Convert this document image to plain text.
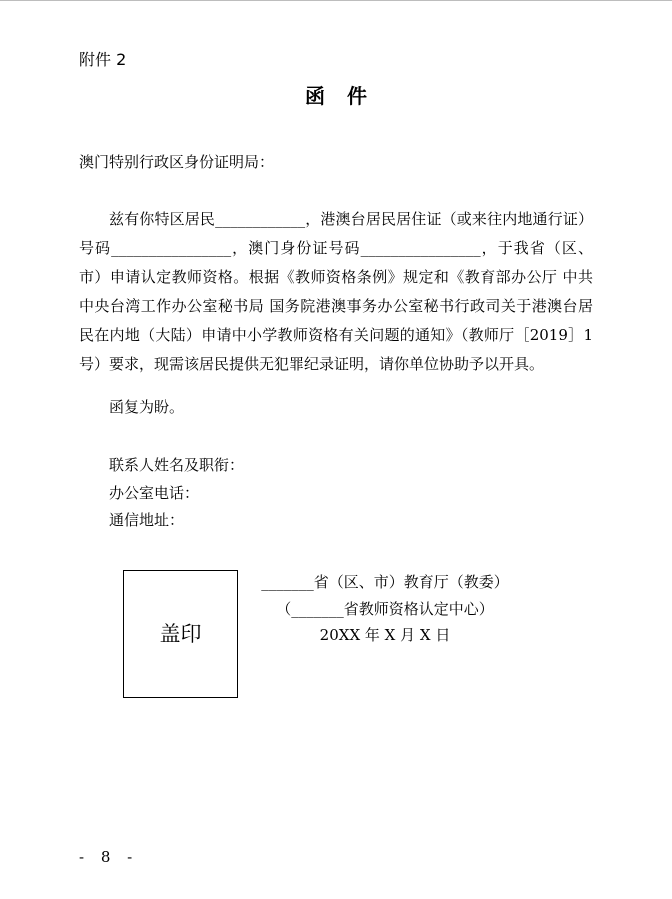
附件 2
函件
澳门特别行政区身份证明局：

兹有你特区居民____________，港澳台居民居住证（或来往内地通行证）号码________________，澳门身份证号码________________，于我省（区、市）申请认定教师资格。根据《教师资格条例》规定和《教育部办公厅 中共中央台湾工作办公室秘书局 国务院港澳事务办公室秘书行政司关于港澳台居民在内地（大陆）申请中小学教师资格有关问题的通知》（教师厅［2019］1 号）要求，现需该居民提供无犯罪纪录证明，请你单位协助予以开具。

函复为盼。
联系人姓名及职衔：
办公室电话：
通信地址：
盖印
_______省（区、市）教育厅（教委）
（_______省教师资格认定中心）
20XX 年 X 月 X 日
- 8 -
